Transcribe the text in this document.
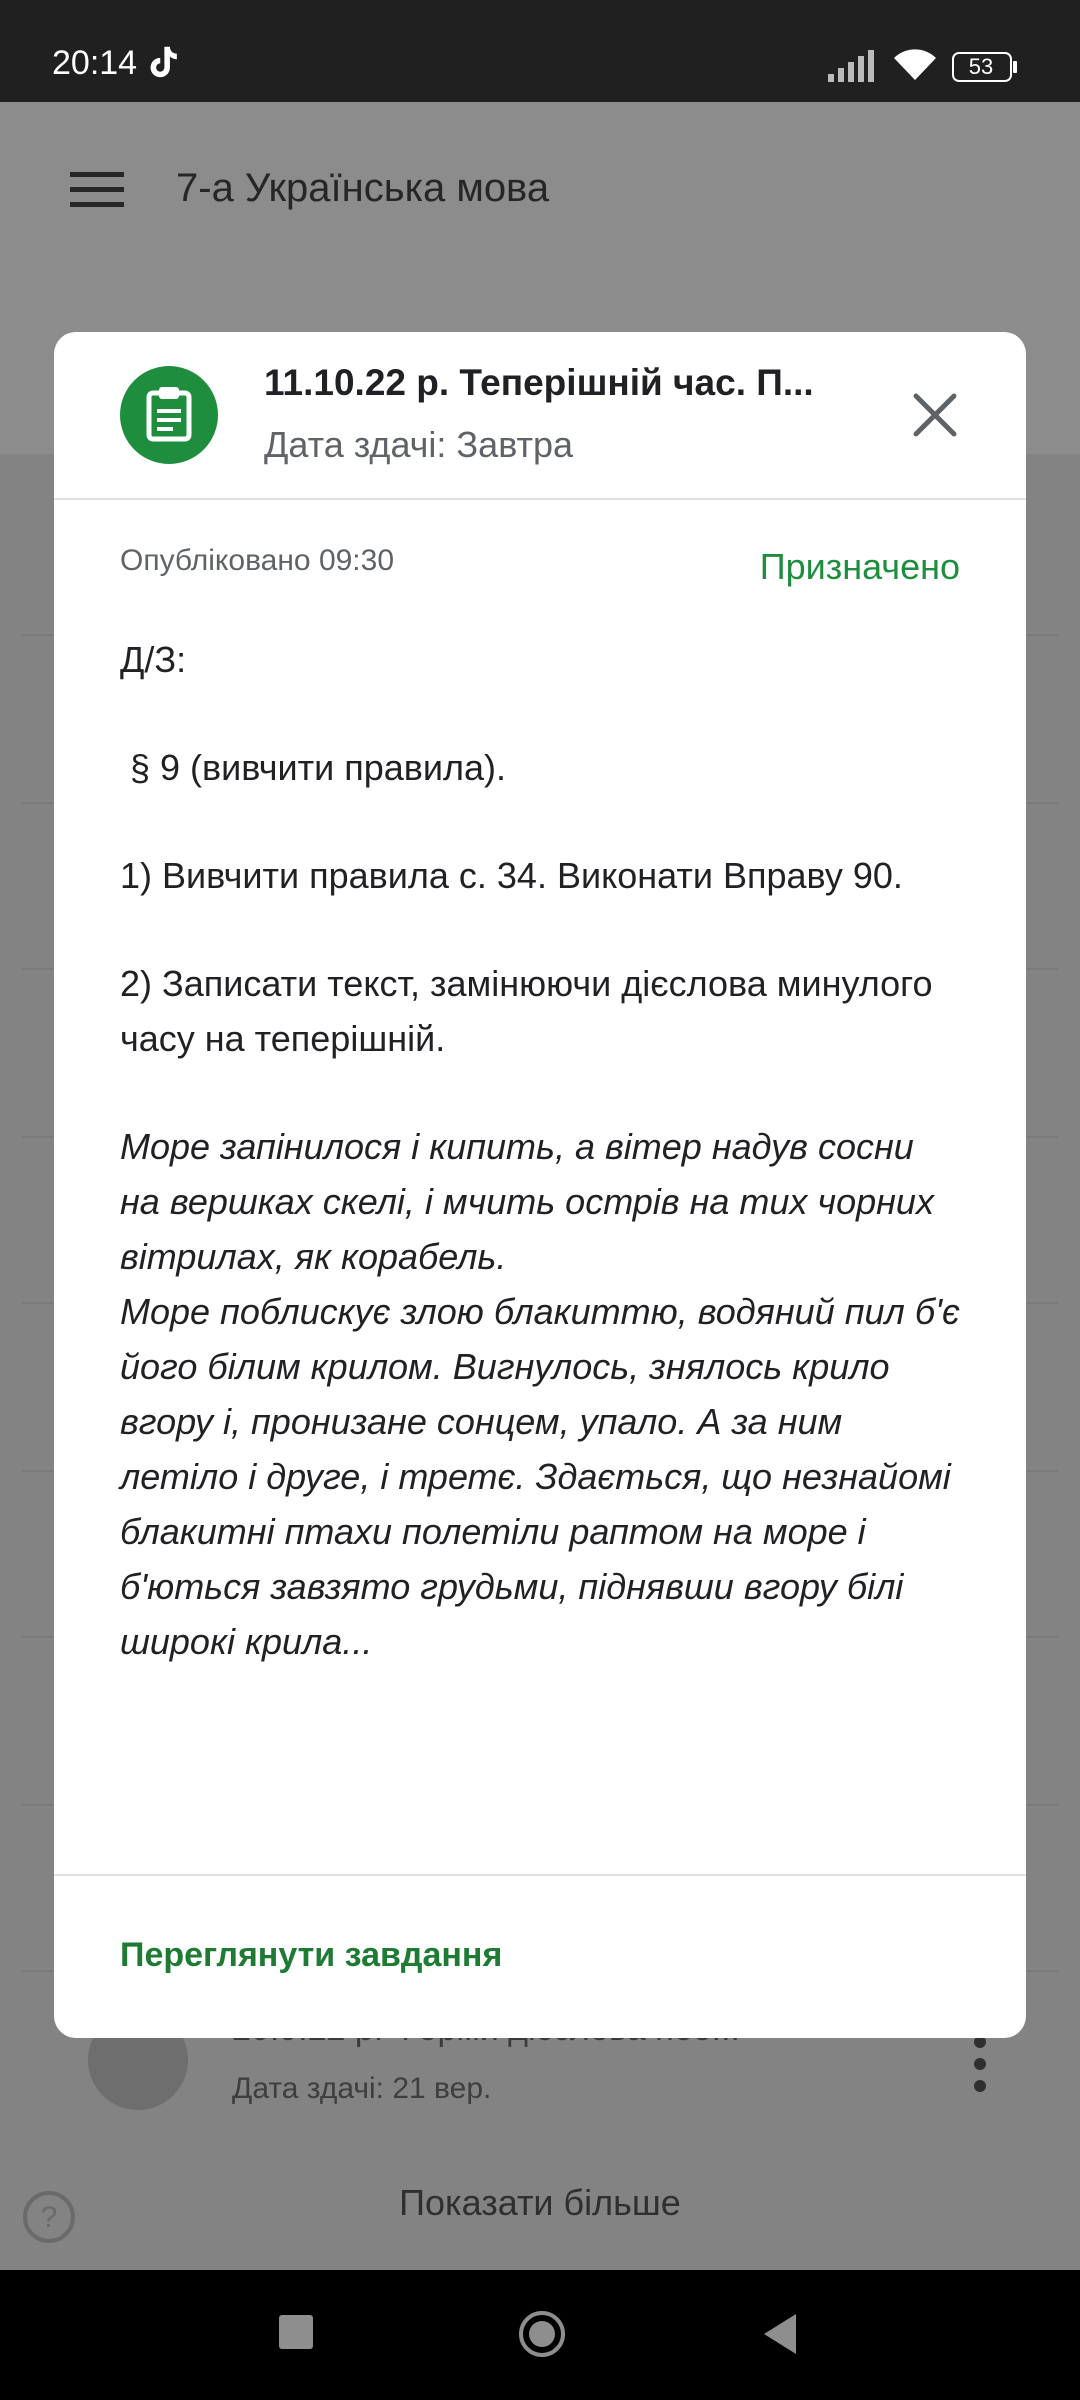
20:14	53
7-а Українська мова
Дата здачі: 21 вер.
Показати більше
?
11.10.22 р. Теперішній час. П...
Дата здачі: Завтра
Опубліковано 09:30	Призначено

Д/З:

§ 9 (вивчити правила).

1) Вивчити правила с. 34. Виконати Вправу 90.

2) Записати текст, замінюючи дієслова минулого часу на теперішній.

Море запінилося і кипить, а вітер надув сосни на вершках скелі, і мчить острів на тих чорних вітрилах, як корабель.

Море поблискує злою блакиттю, водяний пил б'є його білим крилом. Вигнулось, знялось крило вгору і, пронизане сонцем, упало. А за ним летіло і друге, і третє. Здається, що незнайомі блакитні птахи полетіли раптом на море і б'ються завзято грудьми, піднявши вгору білі широкі крила...

Переглянути завдання
